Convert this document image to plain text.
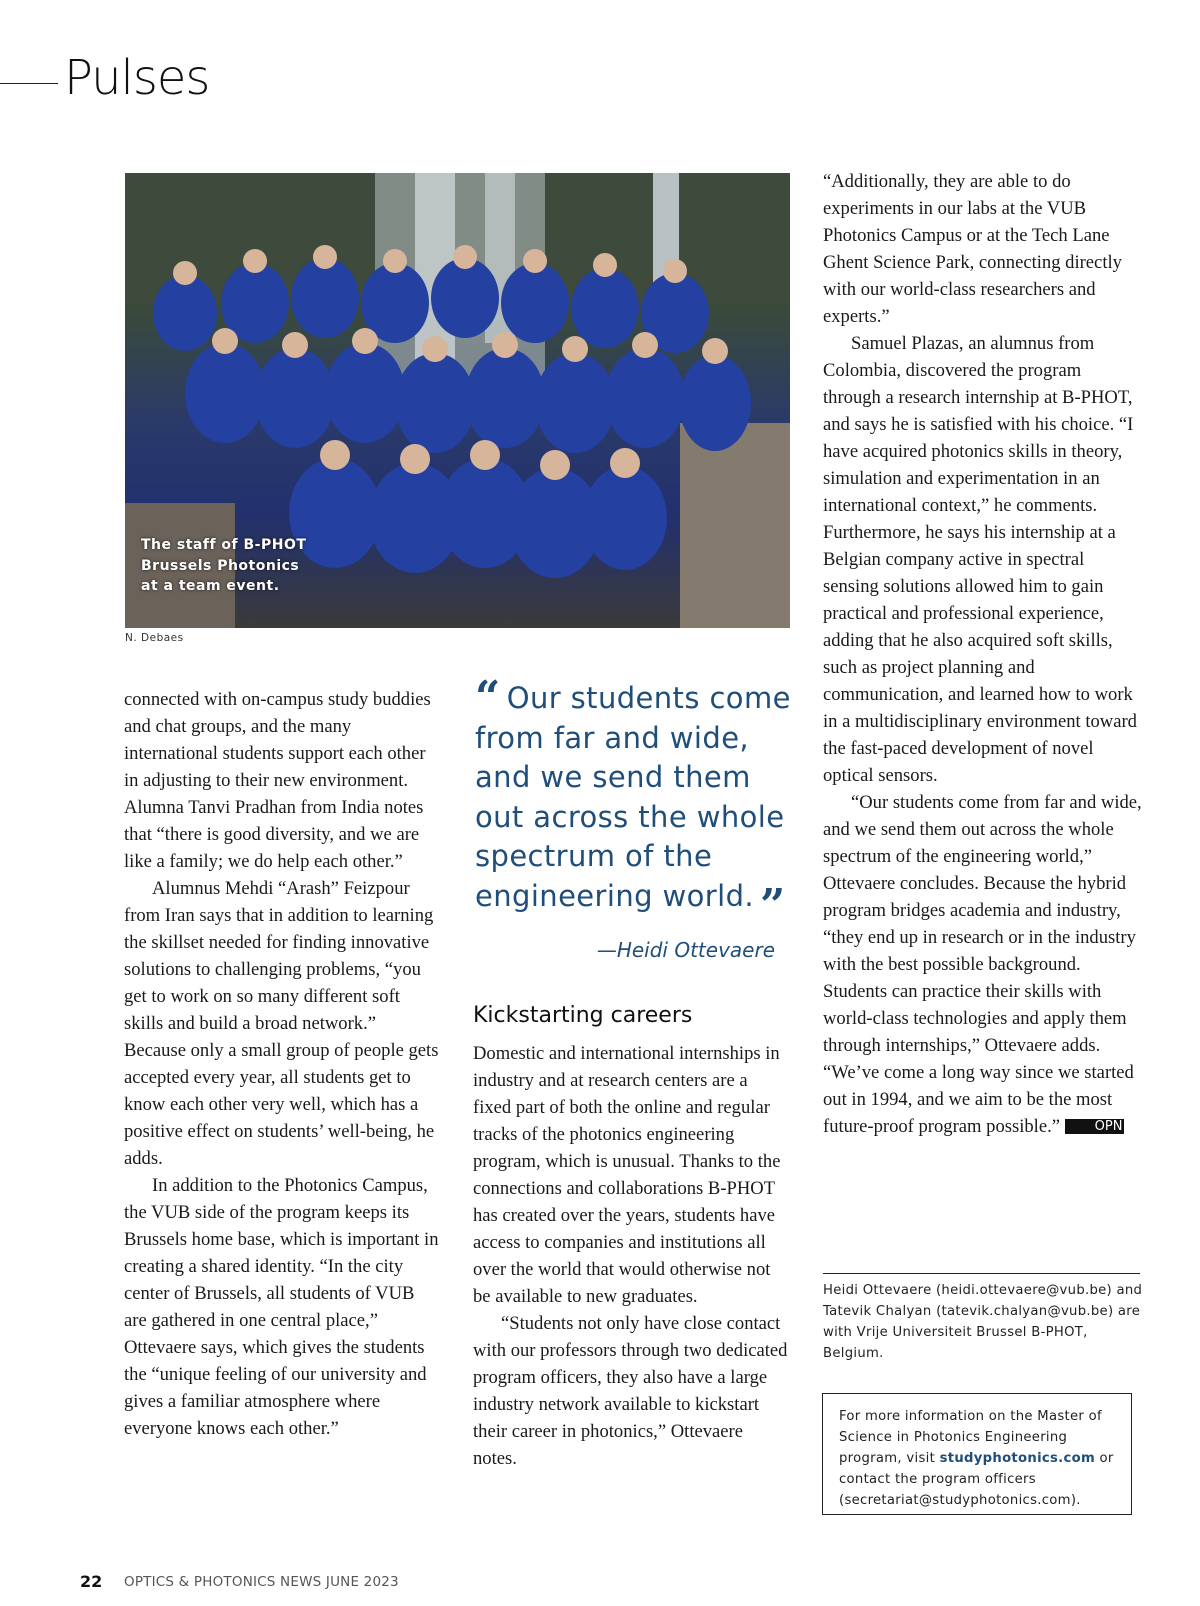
Pulses
The staff of B-PHOT Brussels Photonics at a team event.
N. Debaes

connected with on-campus study buddies and chat groups, and the many international students support each other in adjusting to their new environment. Alumna Tanvi Pradhan from India notes that “there is good diversity, and we are like a family; we do help each other.”

Alumnus Mehdi “Arash” Feizpour from Iran says that in addition to learning the skillset needed for finding innovative solutions to challenging problems, “you get to work on so many different soft skills and build a broad network.” Because only a small group of people gets accepted every year, all students get to know each other very well, which has a positive effect on students’ well-being, he adds.

In addition to the Photonics Campus, the VUB side of the program keeps its Brussels home base, which is important in creating a shared identity. “In the city center of Brussels, all students of VUB are gathered in one central place,” Ottevaere says, which gives the students the “unique feeling of our university and gives a familiar atmosphere where everyone knows each other.”

“ Our students come from far and wide, and we send them out across the whole spectrum of the engineering world. ”
—Heidi Ottevaere
Kickstarting careers

Domestic and international internships in industry and at research centers are a fixed part of both the online and regular tracks of the photonics engineering program, which is unusual. Thanks to the connections and collaborations B-PHOT has created over the years, students have access to companies and institutions all over the world that would otherwise not be available to new graduates.

“Students not only have close contact with our professors through two dedicated program officers, they also have a large industry network available to kickstart their career in photonics,” Ottevaere notes.

“Additionally, they are able to do experiments in our labs at the VUB Photonics Campus or at the Tech Lane Ghent Science Park, connecting directly with our world-class researchers and experts.”

Samuel Plazas, an alumnus from Colombia, discovered the program through a research internship at B-PHOT, and says he is satisfied with his choice. “I have acquired photonics skills in theory, simulation and experimentation in an international context,” he comments. Furthermore, he says his internship at a Belgian company active in spectral sensing solutions allowed him to gain practical and professional experience, adding that he also acquired soft skills, such as project planning and communication, and learned how to work in a multidisciplinary environment toward the fast-paced development of novel optical sensors.

“Our students come from far and wide, and we send them out across the whole spectrum of the engineering world,” Ottevaere concludes. Because the hybrid program bridges academia and industry, “they end up in research or in the industry with the best possible background. Students can practice their skills with world-class technologies and apply them through internships,” Ottevaere adds. “We’ve come a long way since we started out in 1994, and we aim to be the most future-proof program possible.”	OPN

Heidi Ottevaere (heidi.ottevaere@vub.be) and Tatevik Chalyan (tatevik.chalyan@vub.be) are with Vrije Universiteit Brussel B-PHOT, Belgium.
For more information on the Master of Science in Photonics Engineering program, visit studyphotonics.com or contact the program officers (secretariat@studyphotonics.com).
22 OPTICS & PHOTONICS NEWS JUNE 2023
